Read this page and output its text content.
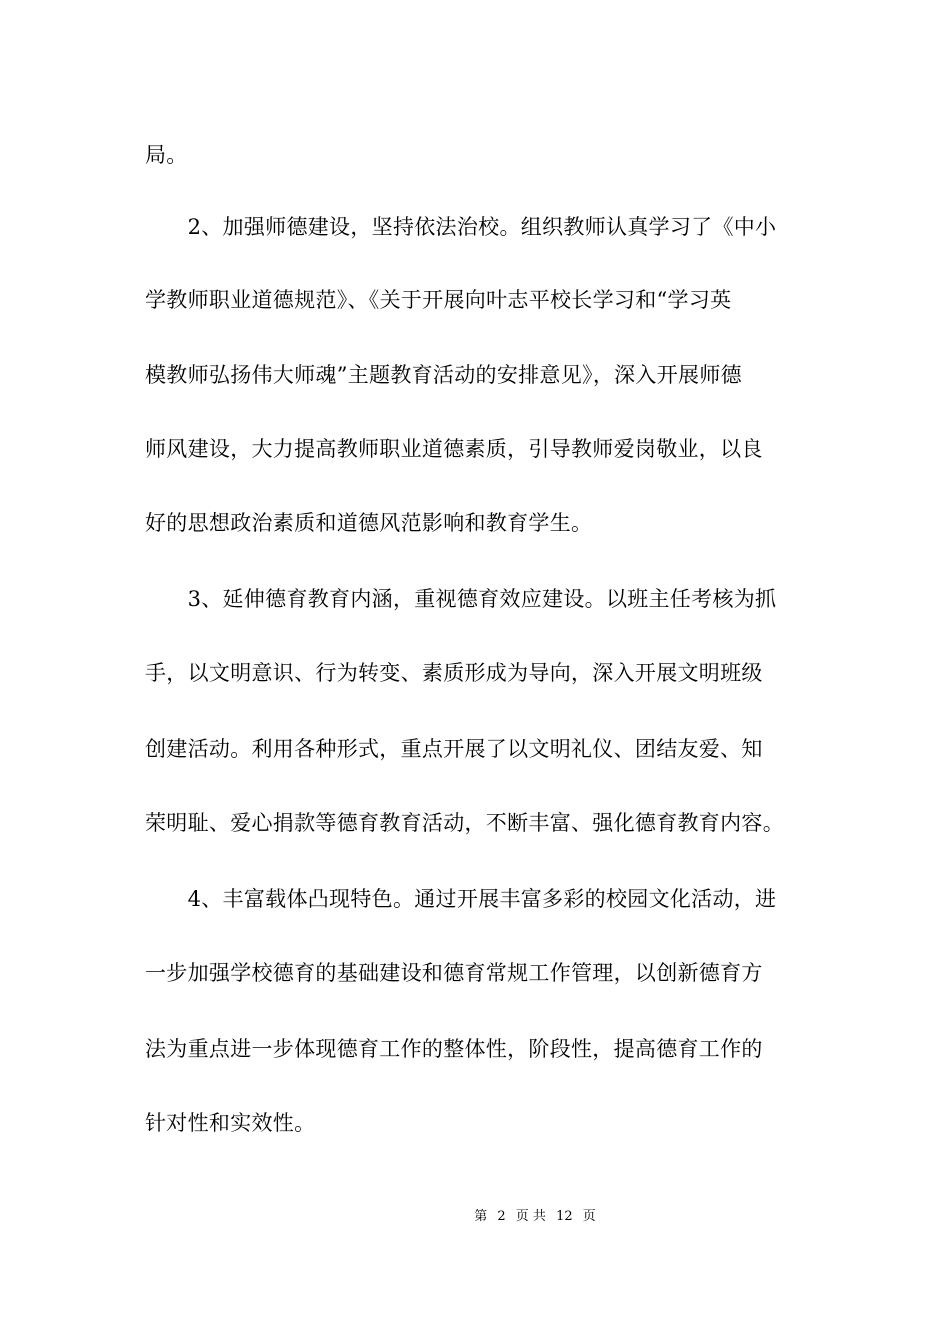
局。
　　2、加强师德建设，坚持依法治校。组织教师认真学习了《中小
学教师职业道德规范》、《关于开展向叶志平校长学习和“学习英
模教师弘扬伟大师魂”主题教育活动的安排意见》，深入开展师德
师风建设，大力提高教师职业道德素质，引导教师爱岗敬业，以良
好的思想政治素质和道德风范影响和教育学生。
　　3、延伸德育教育内涵，重视德育效应建设。以班主任考核为抓
手，以文明意识、行为转变、素质形成为导向，深入开展文明班级
创建活动。利用各种形式，重点开展了以文明礼仪、团结友爱、知
荣明耻、爱心捐款等德育教育活动，不断丰富、强化德育教育内容。
　　4、丰富载体凸现特色。通过开展丰富多彩的校园文化活动，进
一步加强学校德育的基础建设和德育常规工作管理，以创新德育方
法为重点进一步体现德育工作的整体性，阶段性，提高德育工作的
针对性和实效性。
第 2 页 共 12 页
